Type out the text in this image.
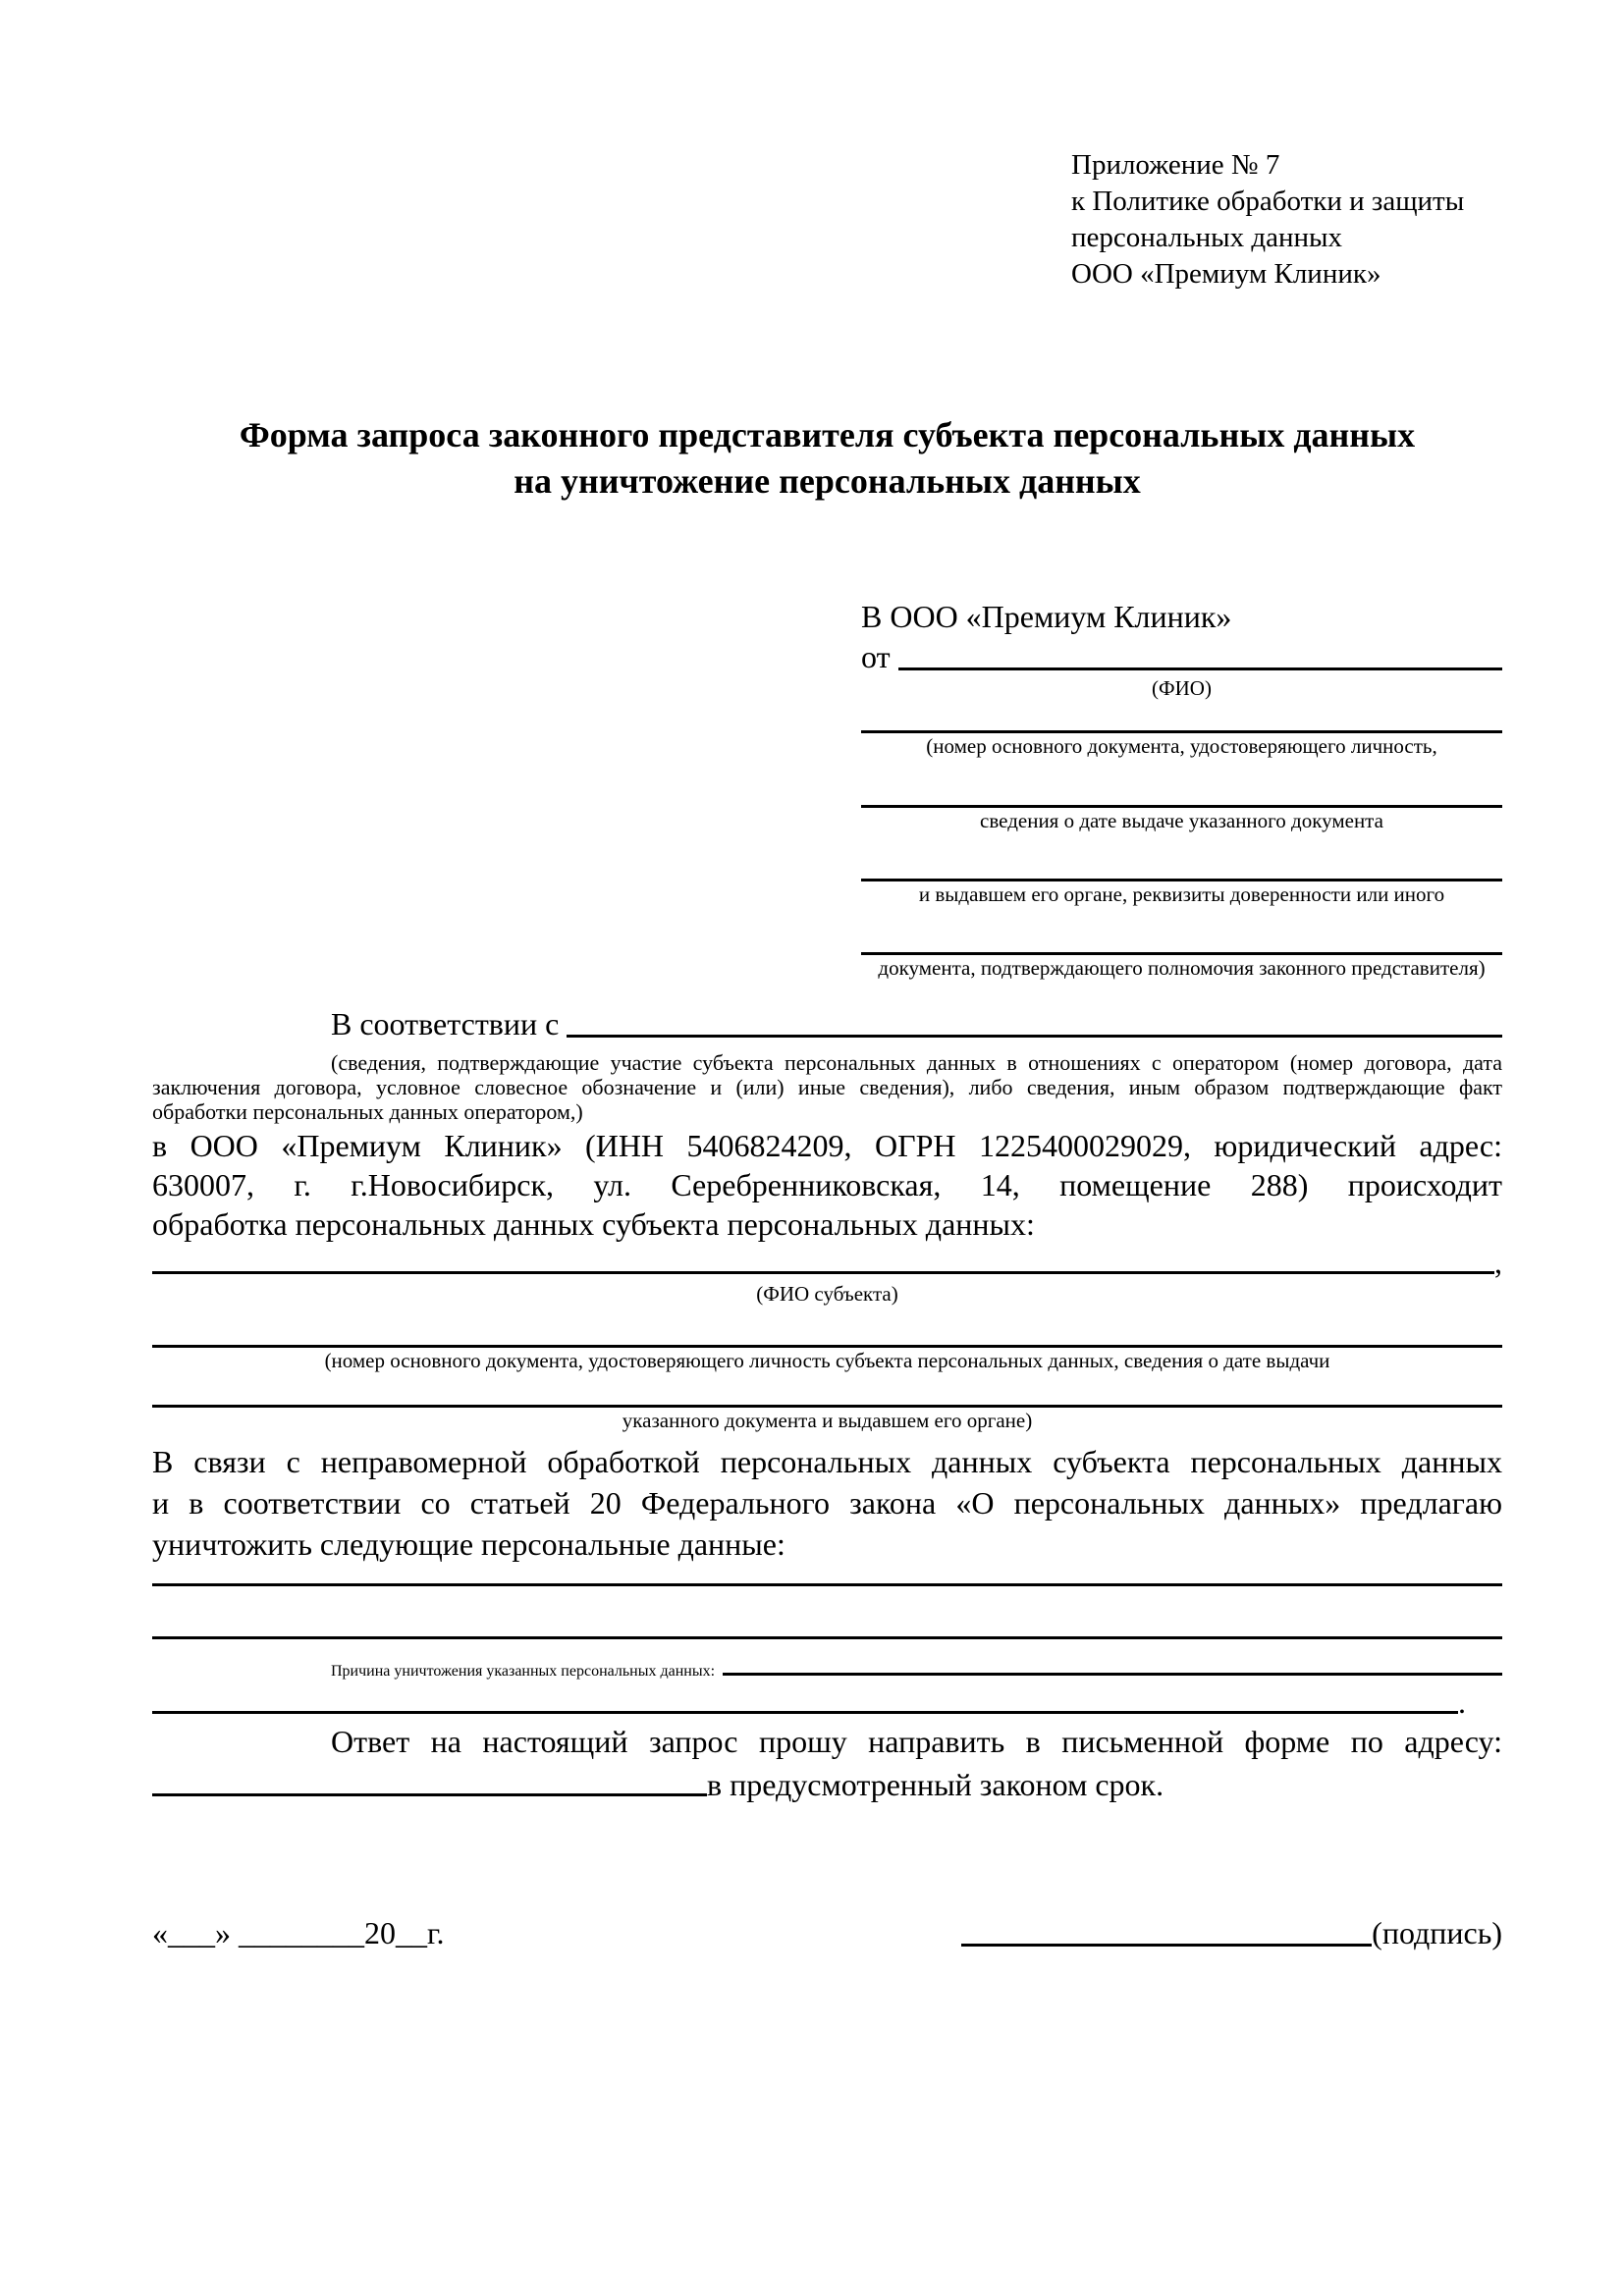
Приложение № 7
к Политике обработки и защиты
персональных данных
ООО «Премиум Клиник»
Форма запроса законного представителя субъекта персональных данных
на уничтожение персональных данных
В ООО «Премиум Клиник»
от
(ФИО)
(номер основного документа, удостоверяющего личность,
сведения о дате выдаче указанного документа
и выдавшем его органе, реквизиты доверенности или иного
документа, подтверждающего полномочия законного представителя)
В соответствии с
(сведения, подтверждающие участие субъекта персональных данных в отношениях с оператором (номер договора, дата
заключения договора, условное словесное обозначение и (или) иные сведения), либо сведения, иным образом подтверждающие факт
обработки персональных данных оператором,)
в ООО «Премиум Клиник» (ИНН 5406824209, ОГРН 1225400029029, юридический адрес:
630007, г. г.Новосибирск, ул. Серебренниковская, 14, помещение 288) происходит
обработка персональных данных субъекта персональных данных:
,
(ФИО субъекта)
(номер основного документа, удостоверяющего личность субъекта персональных данных, сведения о дате выдачи
указанного документа и выдавшем его органе)
В связи с неправомерной обработкой персональных данных субъекта персональных данных
и в соответствии со статьей 20 Федерального закона «О персональных данных» предлагаю
уничтожить следующие персональные данные:
Причина уничтожения указанных персональных данных:
.
Ответ на настоящий запрос прошу направить в письменной форме по адресу:
в предусмотренный законом срок.
«___» ________20__г.	(подпись)
